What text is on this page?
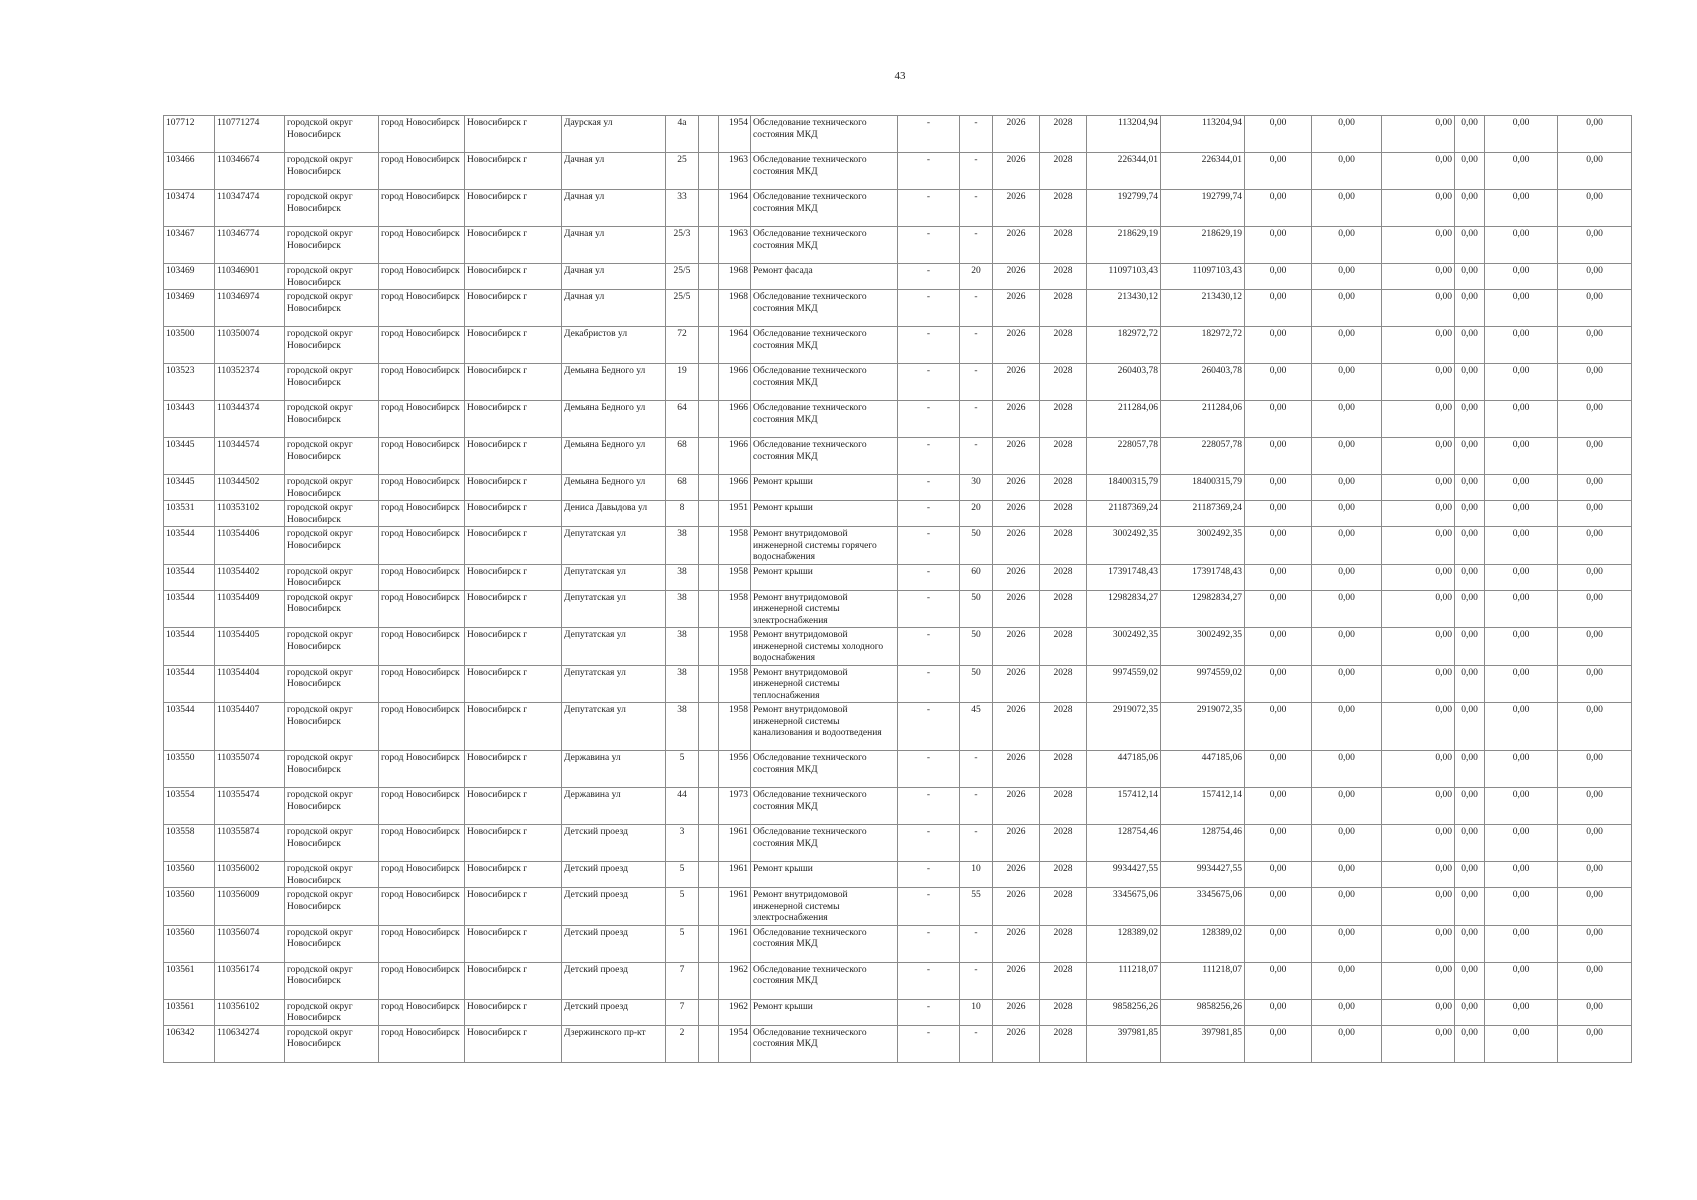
43
107712	110771274	городской округ Новосибирск	город Новосибирск	Новосибирск г	Даурская ул	4а		1954	Обследование технического состояния МКД	-	-	2026	2028	113204,94	113204,94	0,00	0,00	0,00	0,00	0,00	0,00
103466	110346674	городской округ Новосибирск	город Новосибирск	Новосибирск г	Дачная ул	25		1963	Обследование технического состояния МКД	-	-	2026	2028	226344,01	226344,01	0,00	0,00	0,00	0,00	0,00	0,00
103474	110347474	городской округ Новосибирск	город Новосибирск	Новосибирск г	Дачная ул	33		1964	Обследование технического состояния МКД	-	-	2026	2028	192799,74	192799,74	0,00	0,00	0,00	0,00	0,00	0,00
103467	110346774	городской округ Новосибирск	город Новосибирск	Новосибирск г	Дачная ул	25/3		1963	Обследование технического состояния МКД	-	-	2026	2028	218629,19	218629,19	0,00	0,00	0,00	0,00	0,00	0,00
103469	110346901	городской округ Новосибирск	город Новосибирск	Новосибирск г	Дачная ул	25/5		1968	Ремонт фасада	-	20	2026	2028	11097103,43	11097103,43	0,00	0,00	0,00	0,00	0,00	0,00
103469	110346974	городской округ Новосибирск	город Новосибирск	Новосибирск г	Дачная ул	25/5		1968	Обследование технического состояния МКД	-	-	2026	2028	213430,12	213430,12	0,00	0,00	0,00	0,00	0,00	0,00
103500	110350074	городской округ Новосибирск	город Новосибирск	Новосибирск г	Декабристов ул	72		1964	Обследование технического состояния МКД	-	-	2026	2028	182972,72	182972,72	0,00	0,00	0,00	0,00	0,00	0,00
103523	110352374	городской округ Новосибирск	город Новосибирск	Новосибирск г	Демьяна Бедного ул	19		1966	Обследование технического состояния МКД	-	-	2026	2028	260403,78	260403,78	0,00	0,00	0,00	0,00	0,00	0,00
103443	110344374	городской округ Новосибирск	город Новосибирск	Новосибирск г	Демьяна Бедного ул	64		1966	Обследование технического состояния МКД	-	-	2026	2028	211284,06	211284,06	0,00	0,00	0,00	0,00	0,00	0,00
103445	110344574	городской округ Новосибирск	город Новосибирск	Новосибирск г	Демьяна Бедного ул	68		1966	Обследование технического состояния МКД	-	-	2026	2028	228057,78	228057,78	0,00	0,00	0,00	0,00	0,00	0,00
103445	110344502	городской округ Новосибирск	город Новосибирск	Новосибирск г	Демьяна Бедного ул	68		1966	Ремонт крыши	-	30	2026	2028	18400315,79	18400315,79	0,00	0,00	0,00	0,00	0,00	0,00
103531	110353102	городской округ Новосибирск	город Новосибирск	Новосибирск г	Дениса Давыдова ул	8		1951	Ремонт крыши	-	20	2026	2028	21187369,24	21187369,24	0,00	0,00	0,00	0,00	0,00	0,00
103544	110354406	городской округ Новосибирск	город Новосибирск	Новосибирск г	Депутатская ул	38		1958	Ремонт внутридомовой инженерной системы горячего водоснабжения	-	50	2026	2028	3002492,35	3002492,35	0,00	0,00	0,00	0,00	0,00	0,00
103544	110354402	городской округ Новосибирск	город Новосибирск	Новосибирск г	Депутатская ул	38		1958	Ремонт крыши	-	60	2026	2028	17391748,43	17391748,43	0,00	0,00	0,00	0,00	0,00	0,00
103544	110354409	городской округ Новосибирск	город Новосибирск	Новосибирск г	Депутатская ул	38		1958	Ремонт внутридомовой инженерной системы электроснабжения	-	50	2026	2028	12982834,27	12982834,27	0,00	0,00	0,00	0,00	0,00	0,00
103544	110354405	городской округ Новосибирск	город Новосибирск	Новосибирск г	Депутатская ул	38		1958	Ремонт внутридомовой инженерной системы холодного водоснабжения	-	50	2026	2028	3002492,35	3002492,35	0,00	0,00	0,00	0,00	0,00	0,00
103544	110354404	городской округ Новосибирск	город Новосибирск	Новосибирск г	Депутатская ул	38		1958	Ремонт внутридомовой инженерной системы теплоснабжения	-	50	2026	2028	9974559,02	9974559,02	0,00	0,00	0,00	0,00	0,00	0,00
103544	110354407	городской округ Новосибирск	город Новосибирск	Новосибирск г	Депутатская ул	38		1958	Ремонт внутридомовой инженерной системы канализования и водоотведения	-	45	2026	2028	2919072,35	2919072,35	0,00	0,00	0,00	0,00	0,00	0,00
103550	110355074	городской округ Новосибирск	город Новосибирск	Новосибирск г	Державина ул	5		1956	Обследование технического состояния МКД	-	-	2026	2028	447185,06	447185,06	0,00	0,00	0,00	0,00	0,00	0,00
103554	110355474	городской округ Новосибирск	город Новосибирск	Новосибирск г	Державина ул	44		1973	Обследование технического состояния МКД	-	-	2026	2028	157412,14	157412,14	0,00	0,00	0,00	0,00	0,00	0,00
103558	110355874	городской округ Новосибирск	город Новосибирск	Новосибирск г	Детский проезд	3		1961	Обследование технического состояния МКД	-	-	2026	2028	128754,46	128754,46	0,00	0,00	0,00	0,00	0,00	0,00
103560	110356002	городской округ Новосибирск	город Новосибирск	Новосибирск г	Детский проезд	5		1961	Ремонт крыши	-	10	2026	2028	9934427,55	9934427,55	0,00	0,00	0,00	0,00	0,00	0,00
103560	110356009	городской округ Новосибирск	город Новосибирск	Новосибирск г	Детский проезд	5		1961	Ремонт внутридомовой инженерной системы электроснабжения	-	55	2026	2028	3345675,06	3345675,06	0,00	0,00	0,00	0,00	0,00	0,00
103560	110356074	городской округ Новосибирск	город Новосибирск	Новосибирск г	Детский проезд	5		1961	Обследование технического состояния МКД	-	-	2026	2028	128389,02	128389,02	0,00	0,00	0,00	0,00	0,00	0,00
103561	110356174	городской округ Новосибирск	город Новосибирск	Новосибирск г	Детский проезд	7		1962	Обследование технического состояния МКД	-	-	2026	2028	111218,07	111218,07	0,00	0,00	0,00	0,00	0,00	0,00
103561	110356102	городской округ Новосибирск	город Новосибирск	Новосибирск г	Детский проезд	7		1962	Ремонт крыши	-	10	2026	2028	9858256,26	9858256,26	0,00	0,00	0,00	0,00	0,00	0,00
106342	110634274	городской округ Новосибирск	город Новосибирск	Новосибирск г	Дзержинского пр-кт	2		1954	Обследование технического состояния МКД	-	-	2026	2028	397981,85	397981,85	0,00	0,00	0,00	0,00	0,00	0,00
